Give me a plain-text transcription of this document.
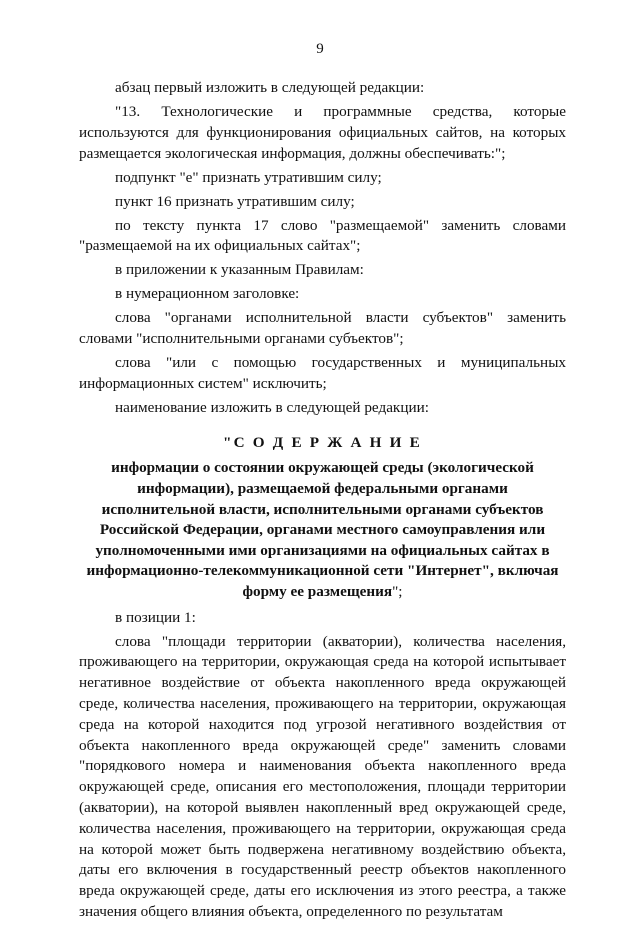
9

абзац первый изложить в следующей редакции:

"13. Технологические и программные средства, которые используются для функционирования официальных сайтов, на которых размещается экологическая информация, должны обеспечивать:";

подпункт "е" признать утратившим силу;

пункт 16 признать утратившим силу;

по тексту пункта 17 слово "размещаемой" заменить словами "размещаемой на их официальных сайтах";

в приложении к указанным Правилам:

в нумерационном заголовке:

слова "органами исполнительной власти субъектов" заменить словами "исполнительными органами субъектов";

слова "или с помощью государственных и муниципальных информационных систем" исключить;

наименование изложить в следующей редакции:

"С О Д Е Р Ж А Н И Е
информации о состоянии окружающей среды (экологической информации), размещаемой федеральными органами исполнительной власти, исполнительными органами субъектов Российской Федерации, органами местного самоуправления или уполномоченными ими организациями на официальных сайтах в информационно-телекоммуникационной сети "Интернет", включая форму ее размещения";

в позиции 1:

слова "площади территории (акватории), количества населения, проживающего на территории, окружающая среда на которой испытывает негативное воздействие от объекта накопленного вреда окружающей среде, количества населения, проживающего на территории, окружающая среда на которой находится под угрозой негативного воздействия от объекта накопленного вреда окружающей среде" заменить словами "порядкового номера и наименования объекта накопленного вреда окружающей среде, описания его местоположения, площади территории (акватории), на которой выявлен накопленный вред окружающей среде, количества населения, проживающего на территории, окружающая среда на которой может быть подвержена негативному воздействию объекта, даты его включения в государственный реестр объектов накопленного вреда окружающей среде, даты его исключения из этого реестра, а также значения общего влияния объекта, определенного по результатам
